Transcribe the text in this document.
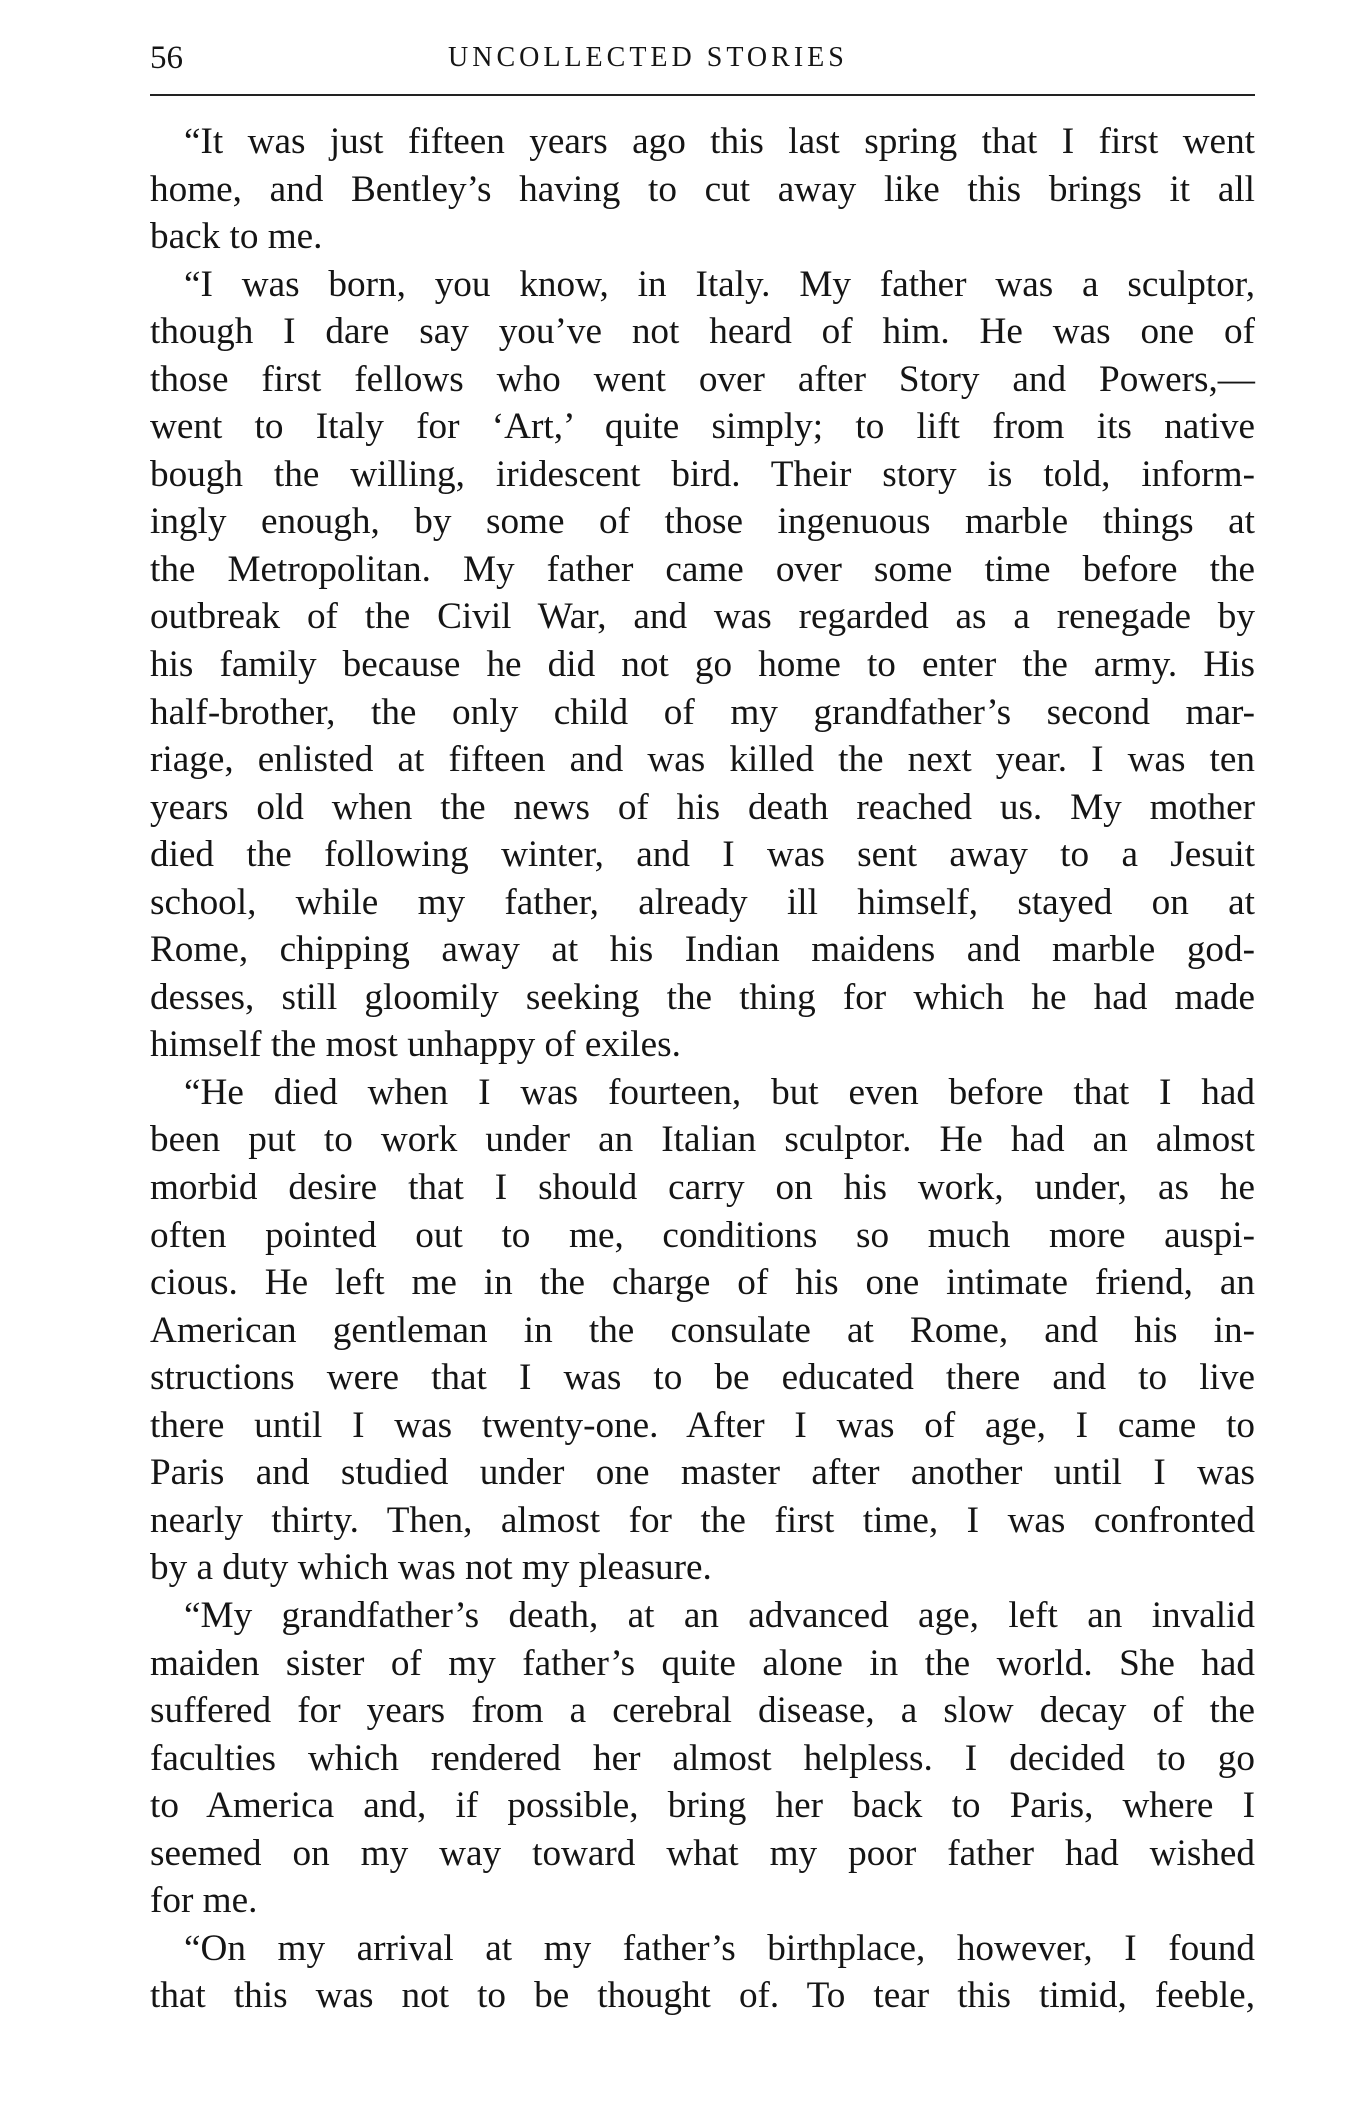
56	UNCOLLECTED STORIES
“It was just fifteen years ago this last spring that I first went
home, and Bentley’s having to cut away like this brings it all
back to me.
“I was born, you know, in Italy. My father was a sculptor,
though I dare say you’ve not heard of him. He was one of
those first fellows who went over after Story and Powers,—
went to Italy for ‘Art,’ quite simply; to lift from its native
bough the willing, iridescent bird. Their story is told, inform-
ingly enough, by some of those ingenuous marble things at
the Metropolitan. My father came over some time before the
outbreak of the Civil War, and was regarded as a renegade by
his family because he did not go home to enter the army. His
half-brother, the only child of my grandfather’s second mar-
riage, enlisted at fifteen and was killed the next year. I was ten
years old when the news of his death reached us. My mother
died the following winter, and I was sent away to a Jesuit
school, while my father, already ill himself, stayed on at
Rome, chipping away at his Indian maidens and marble god-
desses, still gloomily seeking the thing for which he had made
himself the most unhappy of exiles.
“He died when I was fourteen, but even before that I had
been put to work under an Italian sculptor. He had an almost
morbid desire that I should carry on his work, under, as he
often pointed out to me, conditions so much more auspi-
cious. He left me in the charge of his one intimate friend, an
American gentleman in the consulate at Rome, and his in-
structions were that I was to be educated there and to live
there until I was twenty-one. After I was of age, I came to
Paris and studied under one master after another until I was
nearly thirty. Then, almost for the first time, I was confronted
by a duty which was not my pleasure.
“My grandfather’s death, at an advanced age, left an invalid
maiden sister of my father’s quite alone in the world. She had
suffered for years from a cerebral disease, a slow decay of the
faculties which rendered her almost helpless. I decided to go
to America and, if possible, bring her back to Paris, where I
seemed on my way toward what my poor father had wished
for me.
“On my arrival at my father’s birthplace, however, I found
that this was not to be thought of. To tear this timid, feeble,
